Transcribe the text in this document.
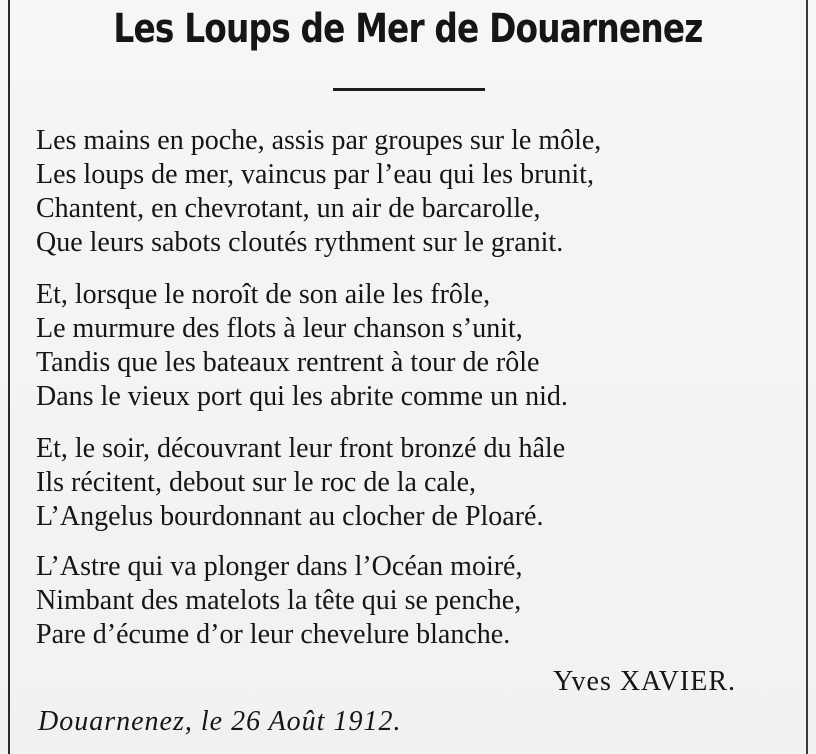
Les Loups de Mer de Douarnenez
Les mains en poche, assis par groupes sur le môle,
Les loups de mer, vaincus par l’eau qui les brunit,
Chantent, en chevrotant, un air de barcarolle,
Que leurs sabots cloutés rythment sur le granit.
Et, lorsque le noroît de son aile les frôle,
Le murmure des flots à leur chanson s’unit,
Tandis que les bateaux rentrent à tour de rôle
Dans le vieux port qui les abrite comme un nid.
Et, le soir, découvrant leur front bronzé du hâle
Ils récitent, debout sur le roc de la cale,
L’Angelus bourdonnant au clocher de Ploaré.
L’Astre qui va plonger dans l’Océan moiré,
Nimbant des matelots la tête qui se penche,
Pare d’écume d’or leur chevelure blanche.
Yves XAVIER.
Douarnenez, le 26 Août 1912.
